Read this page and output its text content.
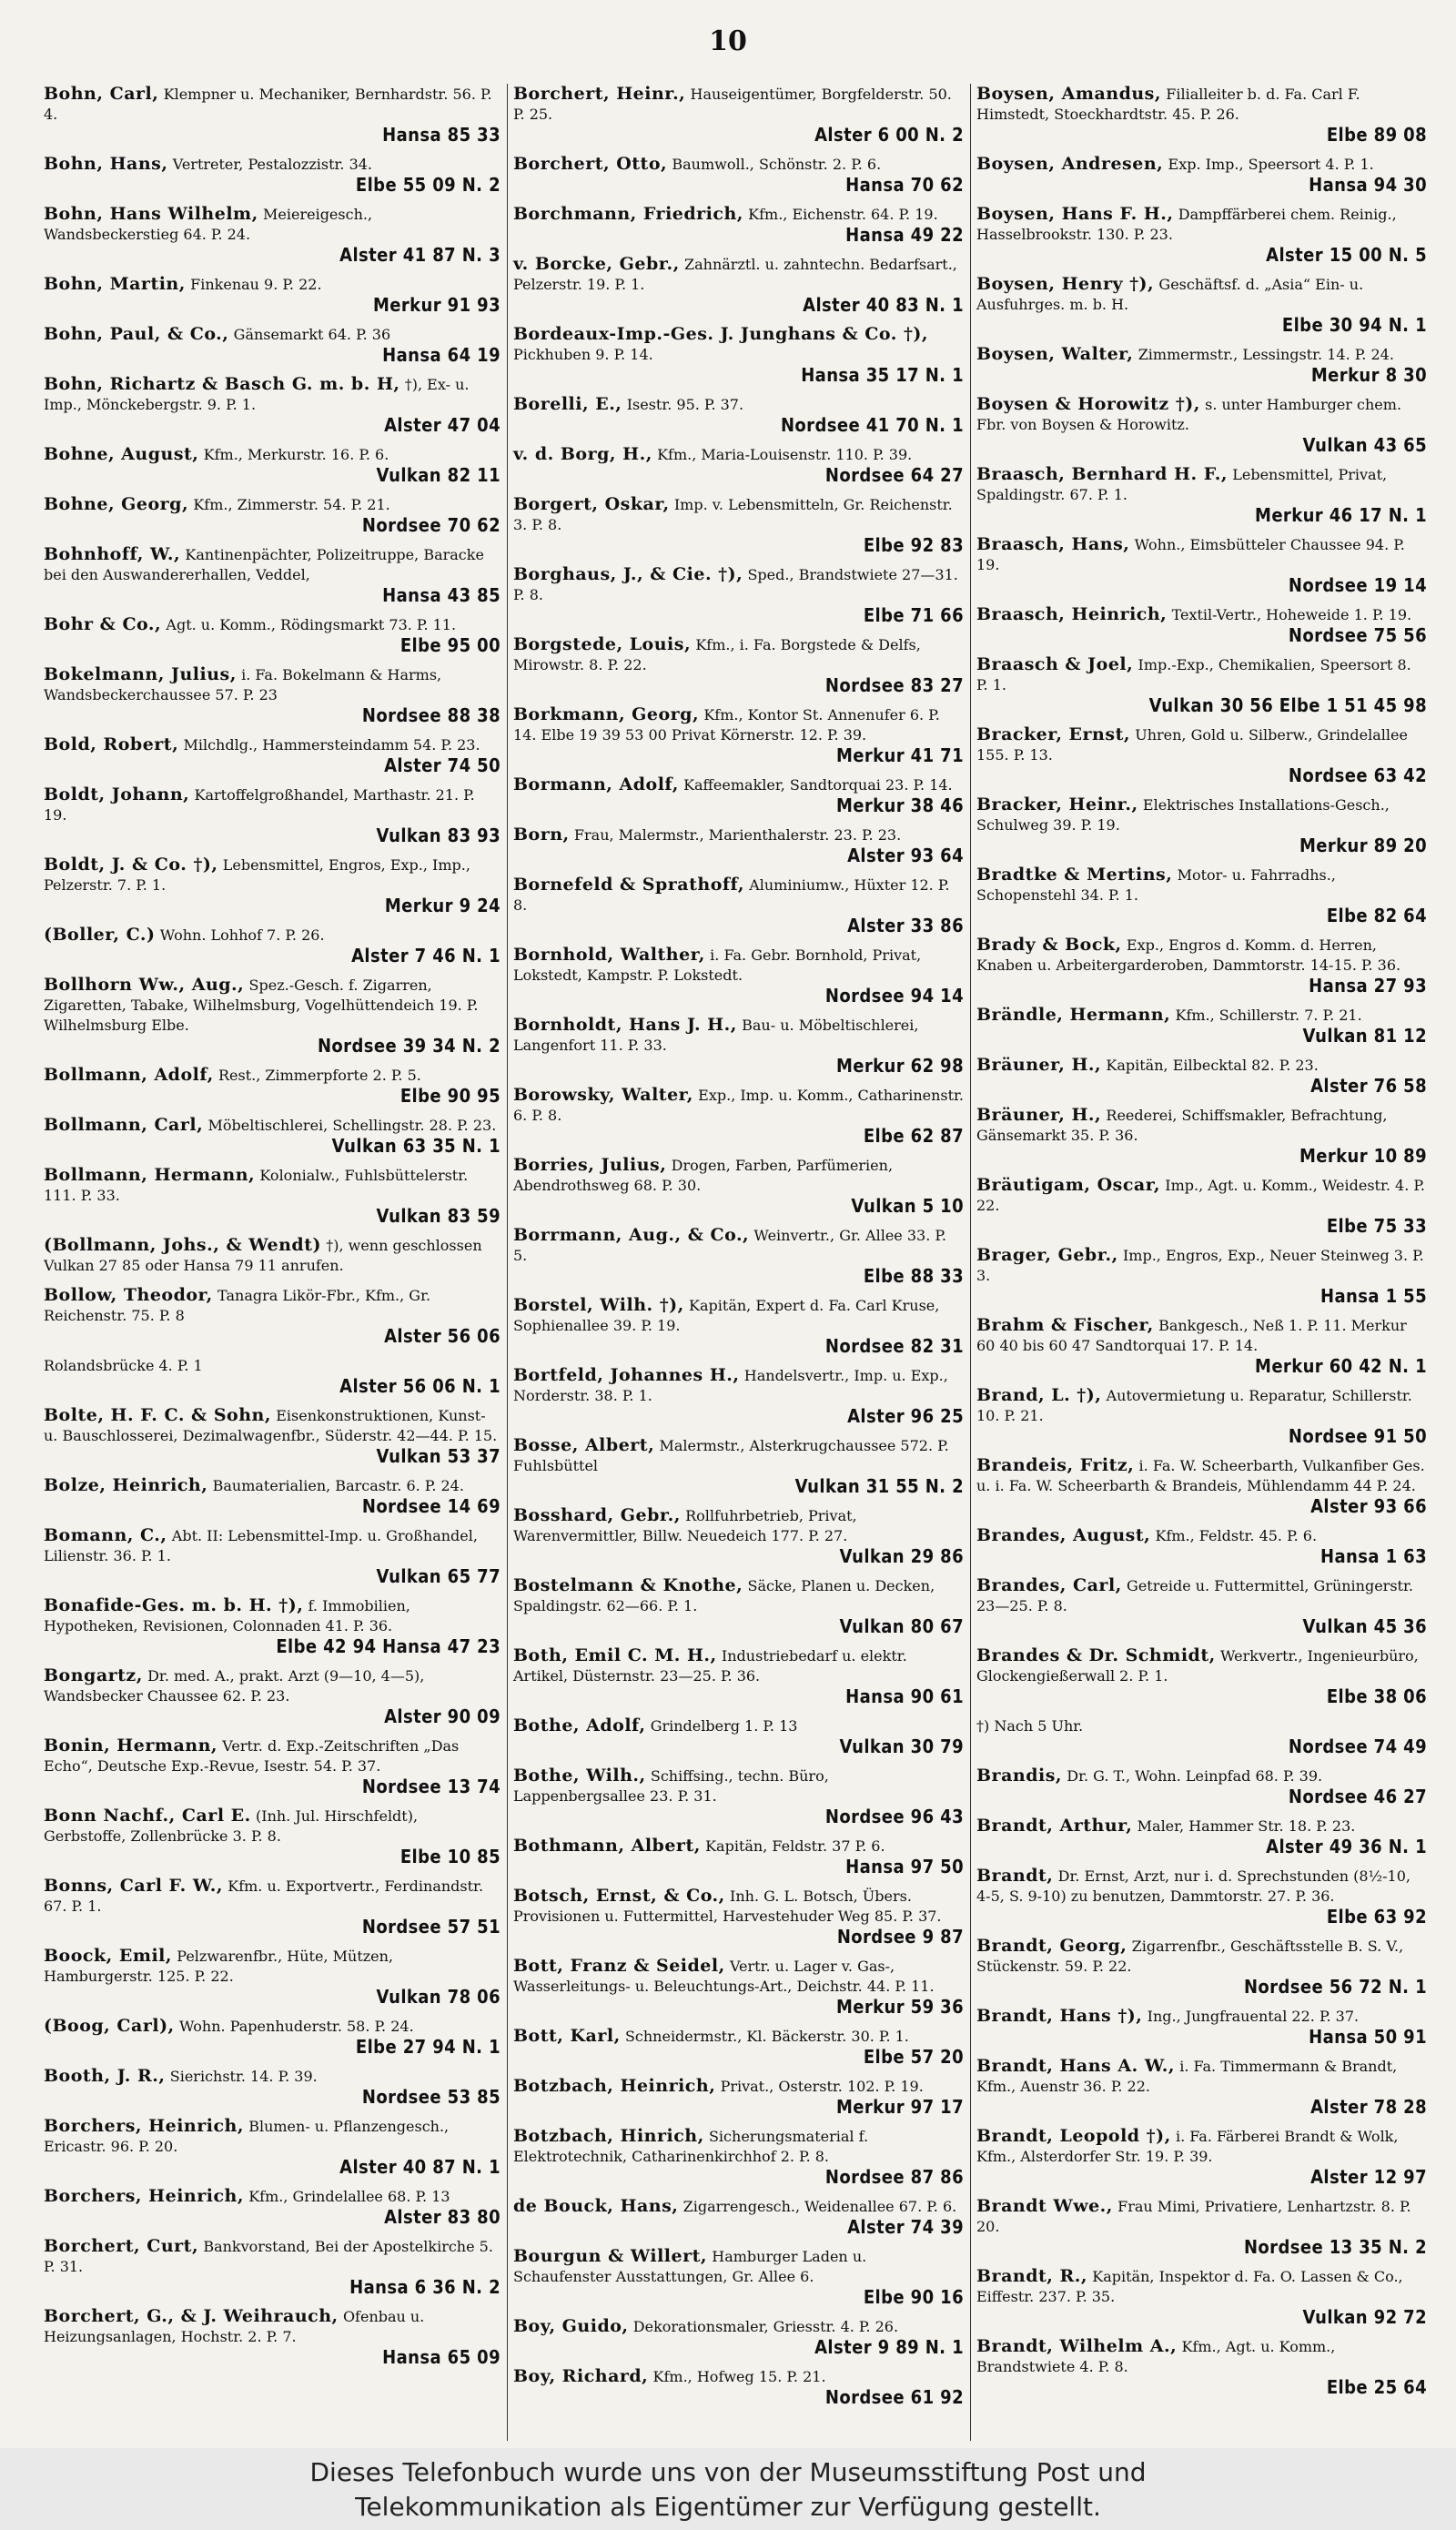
10
Bohn, Carl, Klempner u. Mechaniker, Bernhardstr. 56. P. 4.
Hansa 85 33
Bohn, Hans, Vertreter, Pestalozzistr. 34.
Elbe 55 09 N. 2
Bohn, Hans Wilhelm, Meiereigesch., Wandsbeckerstieg 64. P. 24.
Alster 41 87 N. 3
Bohn, Martin, Finkenau 9. P. 22.
Merkur 91 93
Bohn, Paul, & Co., Gänsemarkt 64. P. 36
Hansa 64 19
Bohn, Richartz & Basch G. m. b. H, †), Ex- u. Imp., Mönckebergstr. 9. P. 1.
Alster 47 04
Bohne, August, Kfm., Merkurstr. 16. P. 6.
Vulkan 82 11
Bohne, Georg, Kfm., Zimmerstr. 54. P. 21.
Nordsee 70 62
Bohnhoff, W., Kantinenpächter, Polizeitruppe, Baracke bei den Auswandererhallen, Veddel,
Hansa 43 85
Bohr & Co., Agt. u. Komm., Rödingsmarkt 73. P. 11.
Elbe 95 00
Bokelmann, Julius, i. Fa. Bokelmann & Harms, Wandsbeckerchaussee 57. P. 23
Nordsee 88 38
Bold, Robert, Milchdlg., Hammersteindamm 54. P. 23.
Alster 74 50
Boldt, Johann, Kartoffelgroßhandel, Marthastr. 21. P. 19.
Vulkan 83 93
Boldt, J. & Co. †), Lebensmittel, Engros, Exp., Imp., Pelzerstr. 7. P. 1.
Merkur 9 24
(Boller, C.) Wohn. Lohhof 7. P. 26.
Alster 7 46 N. 1
Bollhorn Ww., Aug., Spez.-Gesch. f. Zigarren, Zigaretten, Tabake, Wilhelmsburg, Vogelhüttendeich 19. P. Wilhelmsburg Elbe.
Nordsee 39 34 N. 2
Bollmann, Adolf, Rest., Zimmerpforte 2. P. 5.
Elbe 90 95
Bollmann, Carl, Möbeltischlerei, Schellingstr. 28. P. 23.
Vulkan 63 35 N. 1
Bollmann, Hermann, Kolonialw., Fuhlsbüttelerstr. 111. P. 33.
Vulkan 83 59
(Bollmann, Johs., & Wendt) †), wenn geschlossen Vulkan 27 85 oder Hansa 79 11 anrufen.
Bollow, Theodor, Tanagra Likör-Fbr., Kfm., Gr. Reichenstr. 75. P. 8
Alster 56 06
Rolandsbrücke 4. P. 1
Alster 56 06 N. 1
Bolte, H. F. C. & Sohn, Eisenkonstruktionen, Kunst- u. Bauschlosserei, Dezimalwagenfbr., Süderstr. 42—44. P. 15.
Vulkan 53 37
Bolze, Heinrich, Baumaterialien, Barcastr. 6. P. 24.
Nordsee 14 69
Bomann, C., Abt. II: Lebensmittel-Imp. u. Großhandel, Lilienstr. 36. P. 1.
Vulkan 65 77
Bonafide-Ges. m. b. H. †), f. Immobilien, Hypotheken, Revisionen, Colonnaden 41. P. 36.
Elbe 42 94 Hansa 47 23
Bongartz, Dr. med. A., prakt. Arzt (9—10, 4—5), Wandsbecker Chaussee 62. P. 23.
Alster 90 09
Bonin, Hermann, Vertr. d. Exp.-Zeitschriften „Das Echo“, Deutsche Exp.-Revue, Isestr. 54. P. 37.
Nordsee 13 74
Bonn Nachf., Carl E. (Inh. Jul. Hirschfeldt), Gerbstoffe, Zollenbrücke 3. P. 8.
Elbe 10 85
Bonns, Carl F. W., Kfm. u. Exportvertr., Ferdinandstr. 67. P. 1.
Nordsee 57 51
Boock, Emil, Pelzwarenfbr., Hüte, Mützen, Hamburgerstr. 125. P. 22.
Vulkan 78 06
(Boog, Carl), Wohn. Papenhuderstr. 58. P. 24.
Elbe 27 94 N. 1
Booth, J. R., Sierichstr. 14. P. 39.
Nordsee 53 85
Borchers, Heinrich, Blumen- u. Pflanzengesch., Ericastr. 96. P. 20.
Alster 40 87 N. 1
Borchers, Heinrich, Kfm., Grindelallee 68. P. 13
Alster 83 80
Borchert, Curt, Bankvorstand, Bei der Apostelkirche 5. P. 31.
Hansa 6 36 N. 2
Borchert, G., & J. Weihrauch, Ofenbau u. Heizungsanlagen, Hochstr. 2. P. 7.
Hansa 65 09
Borchert, Heinr., Hauseigentümer, Borgfelderstr. 50. P. 25.
Alster 6 00 N. 2
Borchert, Otto, Baumwoll., Schönstr. 2. P. 6.
Hansa 70 62
Borchmann, Friedrich, Kfm., Eichenstr. 64. P. 19.
Hansa 49 22
v. Borcke, Gebr., Zahnärztl. u. zahntechn. Bedarfsart., Pelzerstr. 19. P. 1.
Alster 40 83 N. 1
Bordeaux-Imp.-Ges. J. Junghans & Co. †), Pickhuben 9. P. 14.
Hansa 35 17 N. 1
Borelli, E., Isestr. 95. P. 37.
Nordsee 41 70 N. 1
v. d. Borg, H., Kfm., Maria-Louisenstr. 110. P. 39.
Nordsee 64 27
Borgert, Oskar, Imp. v. Lebensmitteln, Gr. Reichenstr. 3. P. 8.
Elbe 92 83
Borghaus, J., & Cie. †), Sped., Brandstwiete 27—31. P. 8.
Elbe 71 66
Borgstede, Louis, Kfm., i. Fa. Borgstede & Delfs, Mirowstr. 8. P. 22.
Nordsee 83 27
Borkmann, Georg, Kfm., Kontor St. Annenufer 6. P. 14. Elbe 19 39 53 00 Privat Körnerstr. 12. P. 39.
Merkur 41 71
Bormann, Adolf, Kaffeemakler, Sandtorquai 23. P. 14.
Merkur 38 46
Born, Frau, Malermstr., Marienthalerstr. 23. P. 23.
Alster 93 64
Bornefeld & Sprathoff, Aluminiumw., Hüxter 12. P. 8.
Alster 33 86
Bornhold, Walther, i. Fa. Gebr. Bornhold, Privat, Lokstedt, Kampstr. P. Lokstedt.
Nordsee 94 14
Bornholdt, Hans J. H., Bau- u. Möbeltischlerei, Langenfort 11. P. 33.
Merkur 62 98
Borowsky, Walter, Exp., Imp. u. Komm., Catharinenstr. 6. P. 8.
Elbe 62 87
Borries, Julius, Drogen, Farben, Parfümerien, Abendrothsweg 68. P. 30.
Vulkan 5 10
Borrmann, Aug., & Co., Weinvertr., Gr. Allee 33. P. 5.
Elbe 88 33
Borstel, Wilh. †), Kapitän, Expert d. Fa. Carl Kruse, Sophienallee 39. P. 19.
Nordsee 82 31
Bortfeld, Johannes H., Handelsvertr., Imp. u. Exp., Norderstr. 38. P. 1.
Alster 96 25
Bosse, Albert, Malermstr., Alsterkrugchaussee 572. P. Fuhlsbüttel
Vulkan 31 55 N. 2
Bosshard, Gebr., Rollfuhrbetrieb, Privat, Warenvermittler, Billw. Neuedeich 177. P. 27.
Vulkan 29 86
Bostelmann & Knothe, Säcke, Planen u. Decken, Spaldingstr. 62—66. P. 1.
Vulkan 80 67
Both, Emil C. M. H., Industriebedarf u. elektr. Artikel, Düsternstr. 23—25. P. 36.
Hansa 90 61
Bothe, Adolf, Grindelberg 1. P. 13
Vulkan 30 79
Bothe, Wilh., Schiffsing., techn. Büro, Lappenbergsallee 23. P. 31.
Nordsee 96 43
Bothmann, Albert, Kapitän, Feldstr. 37 P. 6.
Hansa 97 50
Botsch, Ernst, & Co., Inh. G. L. Botsch, Übers. Provisionen u. Futtermittel, Harvestehuder Weg 85. P. 37.
Nordsee 9 87
Bott, Franz & Seidel, Vertr. u. Lager v. Gas-, Wasserleitungs- u. Beleuchtungs-Art., Deichstr. 44. P. 11.
Merkur 59 36
Bott, Karl, Schneidermstr., Kl. Bäckerstr. 30. P. 1.
Elbe 57 20
Botzbach, Heinrich, Privat., Osterstr. 102. P. 19.
Merkur 97 17
Botzbach, Hinrich, Sicherungsmaterial f. Elektrotechnik, Catharinenkirchhof 2. P. 8.
Nordsee 87 86
de Bouck, Hans, Zigarrengesch., Weidenallee 67. P. 6.
Alster 74 39
Bourgun & Willert, Hamburger Laden u. Schaufenster Ausstattungen, Gr. Allee 6.
Elbe 90 16
Boy, Guido, Dekorationsmaler, Griesstr. 4. P. 26.
Alster 9 89 N. 1
Boy, Richard, Kfm., Hofweg 15. P. 21.
Nordsee 61 92
Boysen, Amandus, Filialleiter b. d. Fa. Carl F. Himstedt, Stoeckhardtstr. 45. P. 26.
Elbe 89 08
Boysen, Andresen, Exp. Imp., Speersort 4. P. 1.
Hansa 94 30
Boysen, Hans F. H., Dampffärberei chem. Reinig., Hasselbrookstr. 130. P. 23.
Alster 15 00 N. 5
Boysen, Henry †), Geschäftsf. d. „Asia“ Ein- u. Ausfuhrges. m. b. H.
Elbe 30 94 N. 1
Boysen, Walter, Zimmermstr., Lessingstr. 14. P. 24.
Merkur 8 30
Boysen & Horowitz †), s. unter Hamburger chem. Fbr. von Boysen & Horowitz.
Vulkan 43 65
Braasch, Bernhard H. F., Lebensmittel, Privat, Spaldingstr. 67. P. 1.
Merkur 46 17 N. 1
Braasch, Hans, Wohn., Eimsbütteler Chaussee 94. P. 19.
Nordsee 19 14
Braasch, Heinrich, Textil-Vertr., Hoheweide 1. P. 19.
Nordsee 75 56
Braasch & Joel, Imp.-Exp., Chemikalien, Speersort 8. P. 1.
Vulkan 30 56 Elbe 1 51 45 98
Bracker, Ernst, Uhren, Gold u. Silberw., Grindelallee 155. P. 13.
Nordsee 63 42
Bracker, Heinr., Elektrisches Installations-Gesch., Schulweg 39. P. 19.
Merkur 89 20
Bradtke & Mertins, Motor- u. Fahrradhs., Schopenstehl 34. P. 1.
Elbe 82 64
Brady & Bock, Exp., Engros d. Komm. d. Herren, Knaben u. Arbeitergarderoben, Dammtorstr. 14-15. P. 36.
Hansa 27 93
Brändle, Hermann, Kfm., Schillerstr. 7. P. 21.
Vulkan 81 12
Bräuner, H., Kapitän, Eilbecktal 82. P. 23.
Alster 76 58
Bräuner, H., Reederei, Schiffsmakler, Befrachtung, Gänsemarkt 35. P. 36.
Merkur 10 89
Bräutigam, Oscar, Imp., Agt. u. Komm., Weidestr. 4. P. 22.
Elbe 75 33
Brager, Gebr., Imp., Engros, Exp., Neuer Steinweg 3. P. 3.
Hansa 1 55
Brahm & Fischer, Bankgesch., Neß 1. P. 11. Merkur 60 40 bis 60 47 Sandtorquai 17. P. 14.
Merkur 60 42 N. 1
Brand, L. †), Autovermietung u. Reparatur, Schillerstr. 10. P. 21.
Nordsee 91 50
Brandeis, Fritz, i. Fa. W. Scheerbarth, Vulkanfiber Ges. u. i. Fa. W. Scheerbarth & Brandeis, Mühlendamm 44 P. 24.
Alster 93 66
Brandes, August, Kfm., Feldstr. 45. P. 6.
Hansa 1 63
Brandes, Carl, Getreide u. Futtermittel, Grüningerstr. 23—25. P. 8.
Vulkan 45 36
Brandes & Dr. Schmidt, Werkvertr., Ingenieurbüro, Glockengießerwall 2. P. 1.
Elbe 38 06
†) Nach 5 Uhr.
Nordsee 74 49
Brandis, Dr. G. T., Wohn. Leinpfad 68. P. 39.
Nordsee 46 27
Brandt, Arthur, Maler, Hammer Str. 18. P. 23.
Alster 49 36 N. 1
Brandt, Dr. Ernst, Arzt, nur i. d. Sprechstunden (8½-10, 4-5, S. 9-10) zu benutzen, Dammtorstr. 27. P. 36.
Elbe 63 92
Brandt, Georg, Zigarrenfbr., Geschäftsstelle B. S. V., Stückenstr. 59. P. 22.
Nordsee 56 72 N. 1
Brandt, Hans †), Ing., Jungfrauental 22. P. 37.
Hansa 50 91
Brandt, Hans A. W., i. Fa. Timmermann & Brandt, Kfm., Auenstr 36. P. 22.
Alster 78 28
Brandt, Leopold †), i. Fa. Färberei Brandt & Wolk, Kfm., Alsterdorfer Str. 19. P. 39.
Alster 12 97
Brandt Wwe., Frau Mimi, Privatiere, Lenhartzstr. 8. P. 20.
Nordsee 13 35 N. 2
Brandt, R., Kapitän, Inspektor d. Fa. O. Lassen & Co., Eiffestr. 237. P. 35.
Vulkan 92 72
Brandt, Wilhelm A., Kfm., Agt. u. Komm., Brandstwiete 4. P. 8.
Elbe 25 64
Dieses Telefonbuch wurde uns von der Museumsstiftung Post und
Telekommunikation als Eigentümer zur Verfügung gestellt.
